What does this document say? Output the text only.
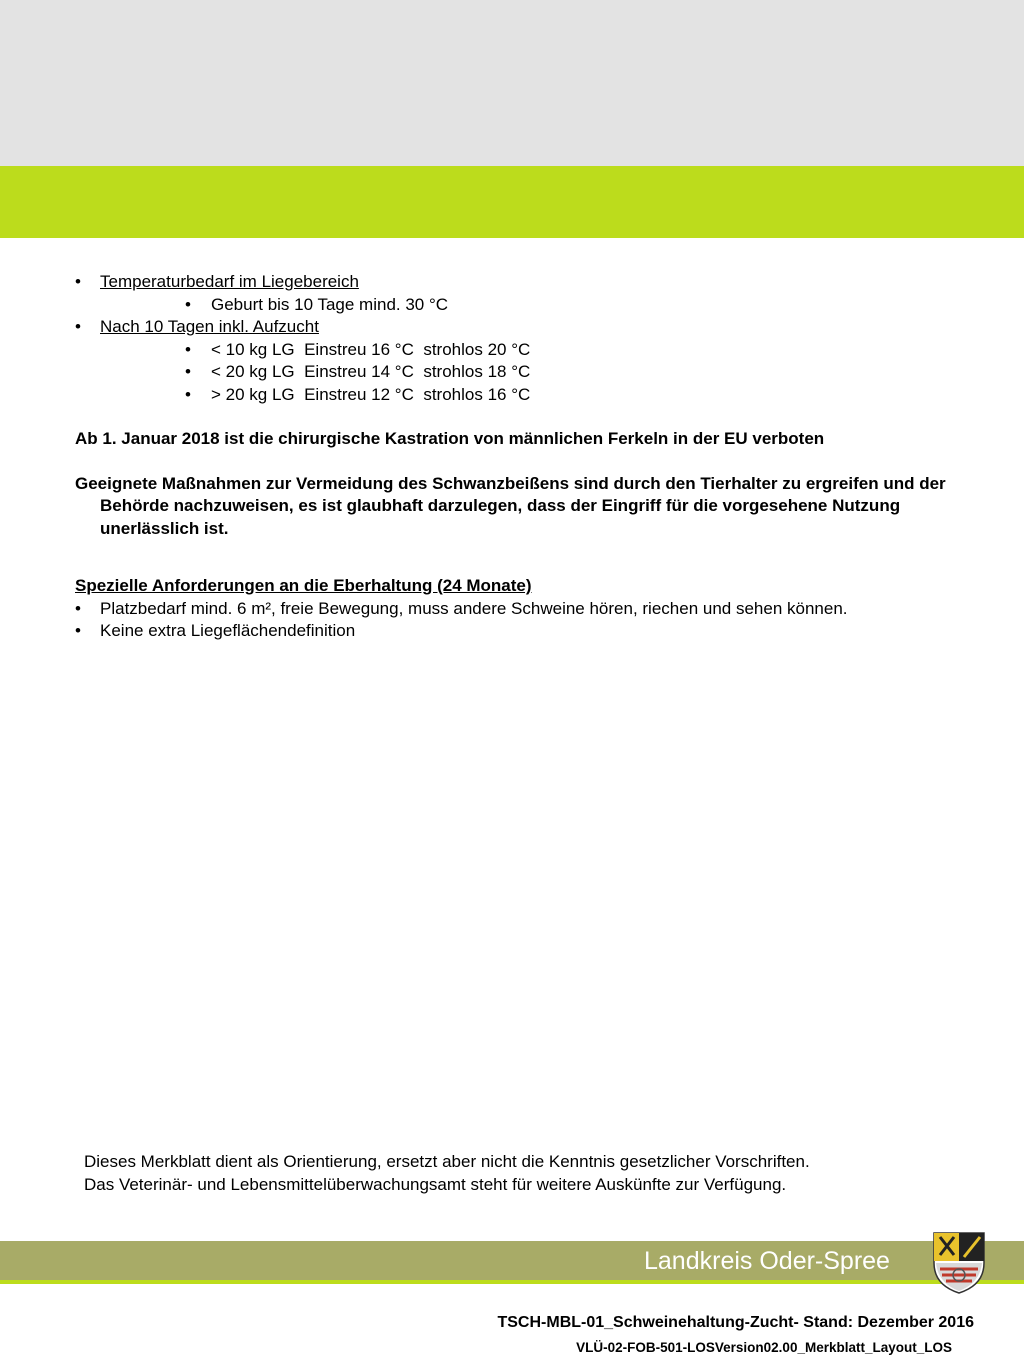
• Temperaturbedarf im Liegebereich
• Geburt bis 10 Tage mind. 30 °C
• Nach 10 Tagen inkl. Aufzucht
• < 10 kg LG  Einstreu 16 °C  strohlos 20 °C
• < 20 kg LG  Einstreu 14 °C  strohlos 18 °C
• > 20 kg LG  Einstreu 12 °C  strohlos 16 °C
Ab 1. Januar 2018 ist die chirurgische Kastration von männlichen Ferkeln in der EU verboten
Geeignete Maßnahmen zur Vermeidung des Schwanzbeißens sind durch den Tierhalter zu ergreifen und der Behörde nachzuweisen, es ist glaubhaft darzulegen, dass der Eingriff für die vorgesehene Nutzung unerlässlich ist.
Spezielle Anforderungen an die Eberhaltung (24 Monate)
• Platzbedarf mind. 6 m², freie Bewegung, muss andere Schweine hören, riechen und sehen können.
• Keine extra Liegeflächendefinition
Dieses Merkblatt dient als Orientierung, ersetzt aber nicht die Kenntnis gesetzlicher Vorschriften.
Das Veterinär- und Lebensmittelüberwachungsamt steht für weitere Auskünfte zur Verfügung.
Landkreis Oder-Spree
TSCH-MBL-01_Schweinehaltung-Zucht- Stand: Dezember 2016
VLÜ-02-FOB-501-LOSVersion02.00_Merkblatt_Layout_LOS
